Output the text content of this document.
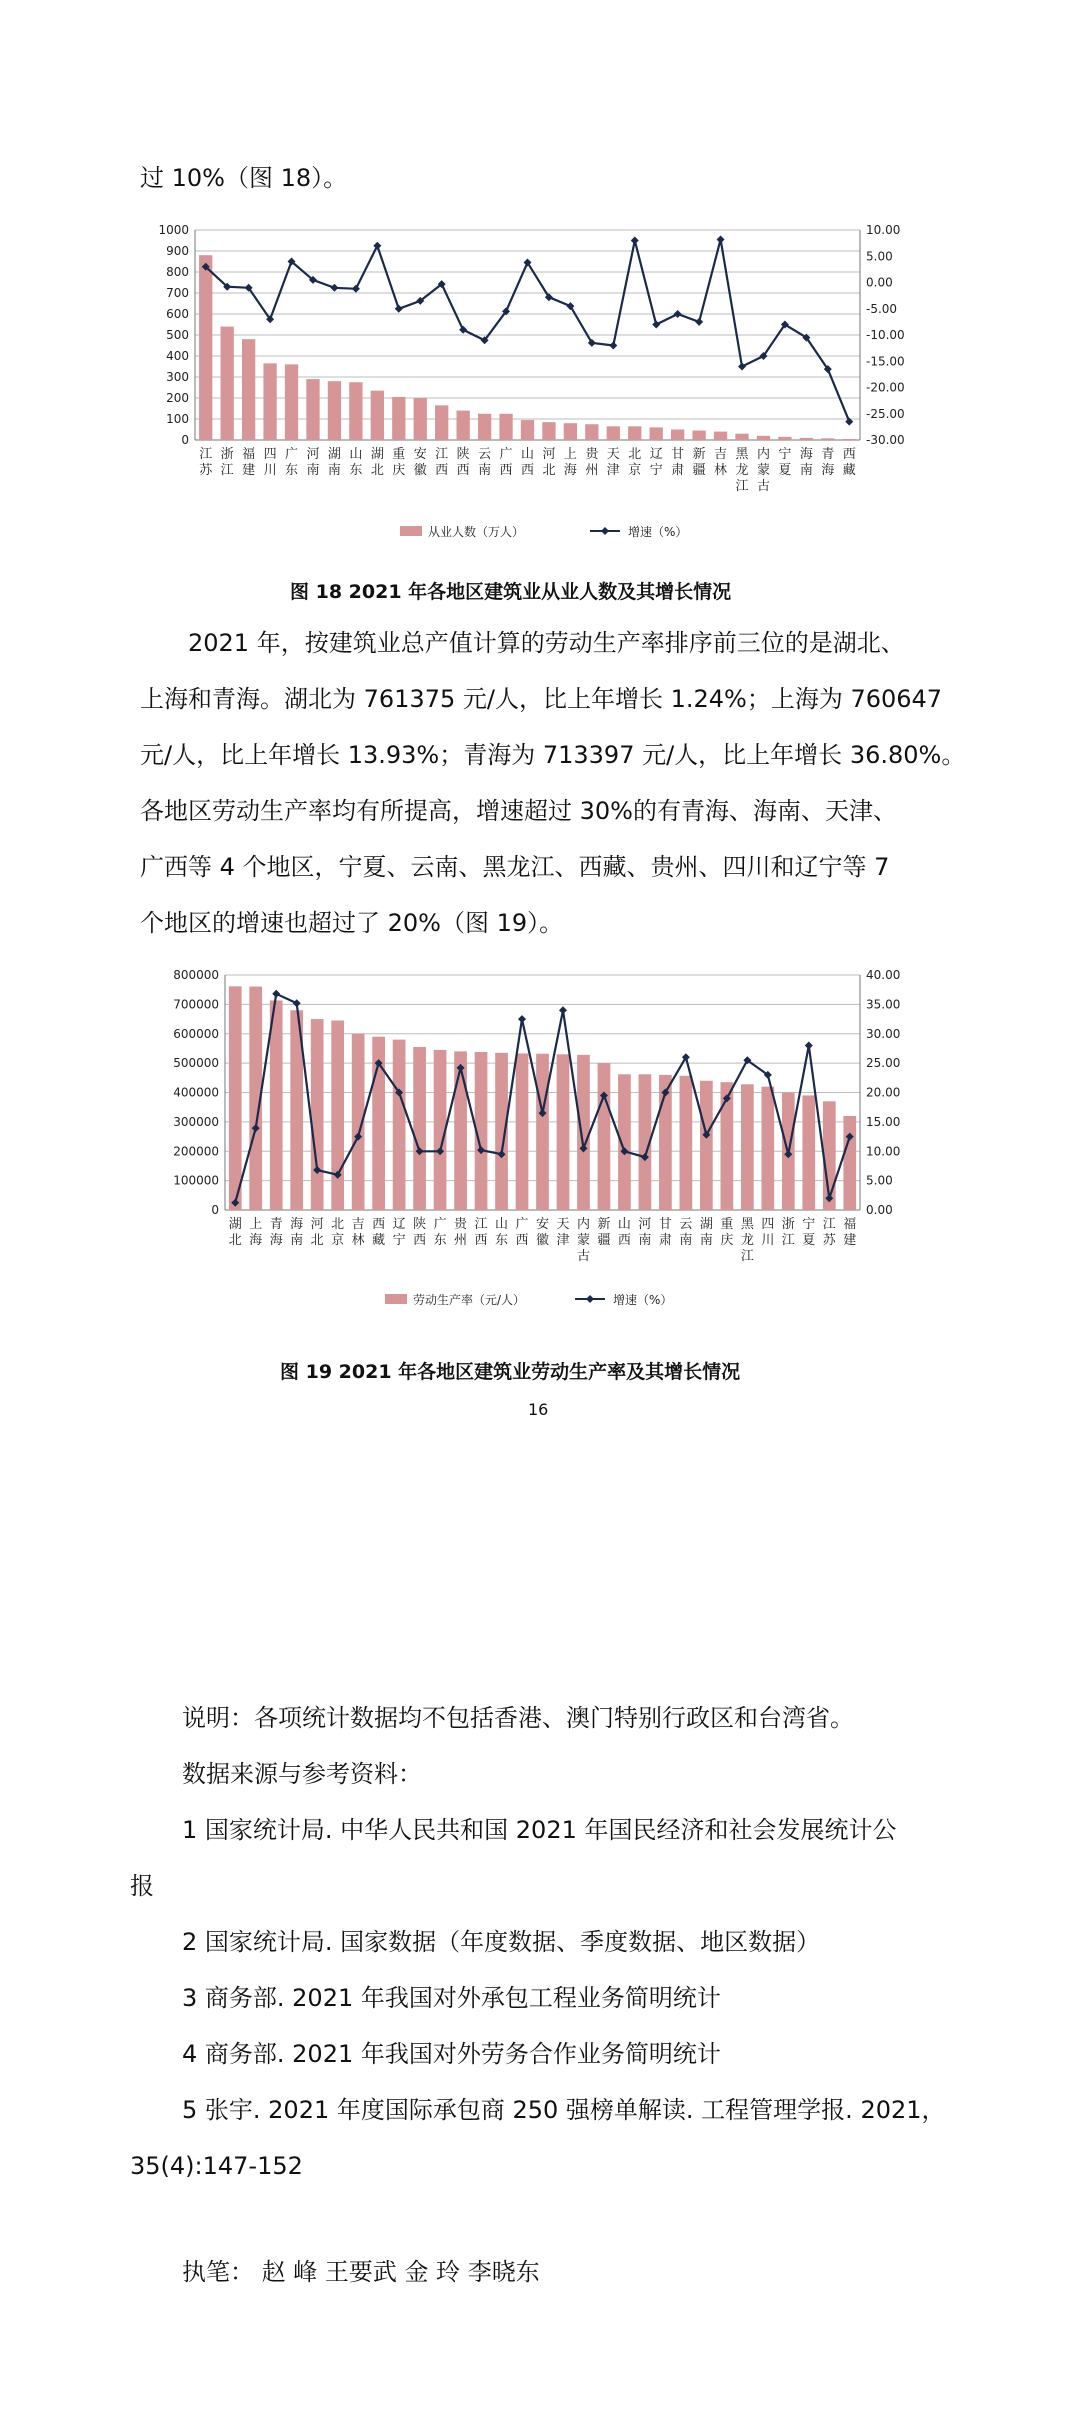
过 10%（图 18）。
0
100
200
300
400
500
600
700
800
900
1000
-30.00
-25.00
-20.00
-15.00
-10.00
-5.00
0.00
5.00
10.00
江苏
浙江
福建
四川
广东
河南
湖南
山东
湖北
重庆
安徽
江西
陕西
云南
广西
山西
河北
上海
贵州
天津
北京
辽宁
甘肃
新疆
吉林
黑龙江
内蒙古
宁夏
海南
青海
西藏
从业人数（万人）	增速（%）
图 18 2021 年各地区建筑业从业人数及其增长情况
2021 年，按建筑业总产值计算的劳动生产率排序前三位的是湖北、
上海和青海。湖北为 761375 元/人，比上年增长 1.24%；上海为 760647
元/人，比上年增长 13.93%；青海为 713397 元/人，比上年增长 36.80%。
各地区劳动生产率均有所提高，增速超过 30%的有青海、海南、天津、
广西等 4 个地区，宁夏、云南、黑龙江、西藏、贵州、四川和辽宁等 7
个地区的增速也超过了 20%（图 19）。
0
100000
200000
300000
400000
500000
600000
700000
800000
0.00
5.00
10.00
15.00
20.00
25.00
30.00
35.00
40.00
湖北
上海
青海
海南
河北
北京
吉林
西藏
辽宁
陕西
广东
贵州
江西
山东
广西
安徽
天津
内蒙古
新疆
山西
河南
甘肃
云南
湖南
重庆
黑龙江
四川
浙江
宁夏
江苏
福建
劳动生产率（元/人）	增速（%）
图 19 2021 年各地区建筑业劳动生产率及其增长情况
16
说明：各项统计数据均不包括香港、澳门特别行政区和台湾省。
数据来源与参考资料：
1 国家统计局. 中华人民共和国 2021 年国民经济和社会发展统计公
报
2 国家统计局. 国家数据（年度数据、季度数据、地区数据）
3 商务部. 2021 年我国对外承包工程业务简明统计
4 商务部. 2021 年我国对外劳务合作业务简明统计
5 张宇. 2021 年度国际承包商 250 强榜单解读. 工程管理学报. 2021，
35(4):147-152
执笔： 赵 峰 王要武 金 玲 李晓东
